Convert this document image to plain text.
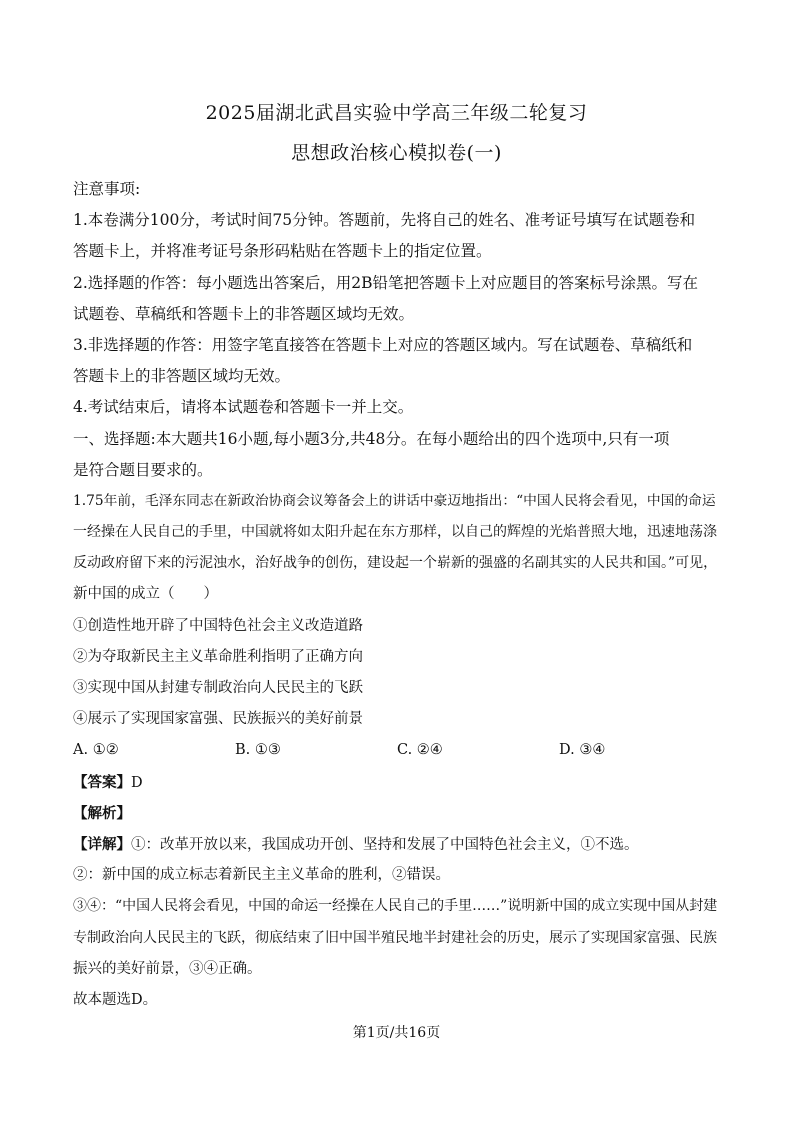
2025届湖北武昌实验中学高三年级二轮复习
思想政治核心模拟卷(一)
注意事项:
1.本卷满分100分，考试时间75分钟。答题前，先将自己的姓名、准考证号填写在试题卷和
答题卡上，并将准考证号条形码粘贴在答题卡上的指定位置。
2.选择题的作答：每小题选出答案后，用2B铅笔把答题卡上对应题目的答案标号涂黑。写在
试题卷、草稿纸和答题卡上的非答题区域均无效。
3.非选择题的作答：用签字笔直接答在答题卡上对应的答题区域内。写在试题卷、草稿纸和
答题卡上的非答题区域均无效。
4.考试结束后，请将本试题卷和答题卡一并上交。
一、选择题:本大题共16小题,每小题3分,共48分。在每小题给出的四个选项中,只有一项
是符合题目要求的。
1.75年前，毛泽东同志在新政治协商会议筹备会上的讲话中豪迈地指出：“中国人民将会看见，中国的命运
一经操在人民自己的手里，中国就将如太阳升起在东方那样，以自己的辉煌的光焰普照大地，迅速地荡涤
反动政府留下来的污泥浊水，治好战争的创伤，建设起一个崭新的强盛的名副其实的人民共和国。”可见，
新中国的成立（　　）
①创造性地开辟了中国特色社会主义改造道路
②为夺取新民主主义革命胜利指明了正确方向
③实现中国从封建专制政治向人民民主的飞跃
④展示了实现国家富强、民族振兴的美好前景
A. ①②	B. ①③	C. ②④	D. ③④
【答案】D
【解析】
【详解】①：改革开放以来，我国成功开创、坚持和发展了中国特色社会主义，①不选。
②：新中国的成立标志着新民主主义革命的胜利，②错误。
③④：“中国人民将会看见，中国的命运一经操在人民自己的手里……”说明新中国的成立实现中国从封建
专制政治向人民民主的飞跃，彻底结束了旧中国半殖民地半封建社会的历史，展示了实现国家富强、民族
振兴的美好前景，③④正确。
故本题选D。
第1页/共16页
